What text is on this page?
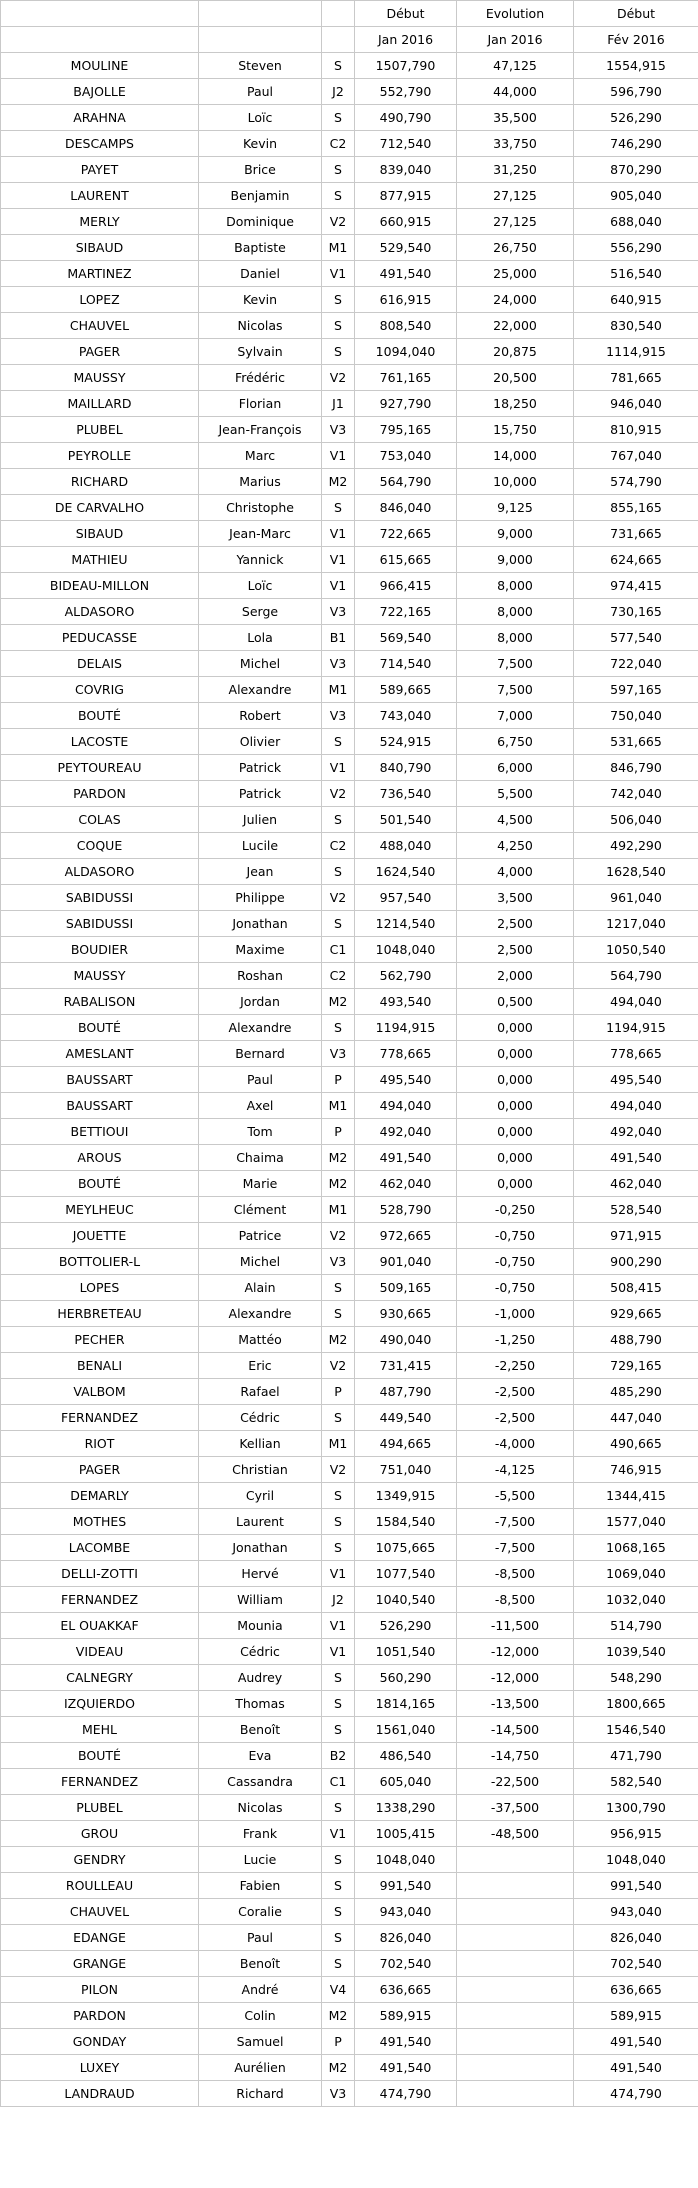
			Début	Evolution	Début
			Jan 2016	Jan 2016	Fév 2016
MOULINE	Steven	S	1507,790	47,125	1554,915
BAJOLLE	Paul	J2	552,790	44,000	596,790
ARAHNA	Loïc	S	490,790	35,500	526,290
DESCAMPS	Kevin	C2	712,540	33,750	746,290
PAYET	Brice	S	839,040	31,250	870,290
LAURENT	Benjamin	S	877,915	27,125	905,040
MERLY	Dominique	V2	660,915	27,125	688,040
SIBAUD	Baptiste	M1	529,540	26,750	556,290
MARTINEZ	Daniel	V1	491,540	25,000	516,540
LOPEZ	Kevin	S	616,915	24,000	640,915
CHAUVEL	Nicolas	S	808,540	22,000	830,540
PAGER	Sylvain	S	1094,040	20,875	1114,915
MAUSSY	Frédéric	V2	761,165	20,500	781,665
MAILLARD	Florian	J1	927,790	18,250	946,040
PLUBEL	Jean-François	V3	795,165	15,750	810,915
PEYROLLE	Marc	V1	753,040	14,000	767,040
RICHARD	Marius	M2	564,790	10,000	574,790
DE CARVALHO	Christophe	S	846,040	9,125	855,165
SIBAUD	Jean-Marc	V1	722,665	9,000	731,665
MATHIEU	Yannick	V1	615,665	9,000	624,665
BIDEAU-MILLON	Loïc	V1	966,415	8,000	974,415
ALDASORO	Serge	V3	722,165	8,000	730,165
PEDUCASSE	Lola	B1	569,540	8,000	577,540
DELAIS	Michel	V3	714,540	7,500	722,040
COVRIG	Alexandre	M1	589,665	7,500	597,165
BOUTÉ	Robert	V3	743,040	7,000	750,040
LACOSTE	Olivier	S	524,915	6,750	531,665
PEYTOUREAU	Patrick	V1	840,790	6,000	846,790
PARDON	Patrick	V2	736,540	5,500	742,040
COLAS	Julien	S	501,540	4,500	506,040
COQUE	Lucile	C2	488,040	4,250	492,290
ALDASORO	Jean	S	1624,540	4,000	1628,540
SABIDUSSI	Philippe	V2	957,540	3,500	961,040
SABIDUSSI	Jonathan	S	1214,540	2,500	1217,040
BOUDIER	Maxime	C1	1048,040	2,500	1050,540
MAUSSY	Roshan	C2	562,790	2,000	564,790
RABALISON	Jordan	M2	493,540	0,500	494,040
BOUTÉ	Alexandre	S	1194,915	0,000	1194,915
AMESLANT	Bernard	V3	778,665	0,000	778,665
BAUSSART	Paul	P	495,540	0,000	495,540
BAUSSART	Axel	M1	494,040	0,000	494,040
BETTIOUI	Tom	P	492,040	0,000	492,040
AROUS	Chaima	M2	491,540	0,000	491,540
BOUTÉ	Marie	M2	462,040	0,000	462,040
MEYLHEUC	Clément	M1	528,790	-0,250	528,540
JOUETTE	Patrice	V2	972,665	-0,750	971,915
BOTTOLIER-L	Michel	V3	901,040	-0,750	900,290
LOPES	Alain	S	509,165	-0,750	508,415
HERBRETEAU	Alexandre	S	930,665	-1,000	929,665
PECHER	Mattéo	M2	490,040	-1,250	488,790
BENALI	Eric	V2	731,415	-2,250	729,165
VALBOM	Rafael	P	487,790	-2,500	485,290
FERNANDEZ	Cédric	S	449,540	-2,500	447,040
RIOT	Kellian	M1	494,665	-4,000	490,665
PAGER	Christian	V2	751,040	-4,125	746,915
DEMARLY	Cyril	S	1349,915	-5,500	1344,415
MOTHES	Laurent	S	1584,540	-7,500	1577,040
LACOMBE	Jonathan	S	1075,665	-7,500	1068,165
DELLI-ZOTTI	Hervé	V1	1077,540	-8,500	1069,040
FERNANDEZ	William	J2	1040,540	-8,500	1032,040
EL OUAKKAF	Mounia	V1	526,290	-11,500	514,790
VIDEAU	Cédric	V1	1051,540	-12,000	1039,540
CALNEGRY	Audrey	S	560,290	-12,000	548,290
IZQUIERDO	Thomas	S	1814,165	-13,500	1800,665
MEHL	Benoît	S	1561,040	-14,500	1546,540
BOUTÉ	Eva	B2	486,540	-14,750	471,790
FERNANDEZ	Cassandra	C1	605,040	-22,500	582,540
PLUBEL	Nicolas	S	1338,290	-37,500	1300,790
GROU	Frank	V1	1005,415	-48,500	956,915
GENDRY	Lucie	S	1048,040		1048,040
ROULLEAU	Fabien	S	991,540		991,540
CHAUVEL	Coralie	S	943,040		943,040
EDANGE	Paul	S	826,040		826,040
GRANGE	Benoît	S	702,540		702,540
PILON	André	V4	636,665		636,665
PARDON	Colin	M2	589,915		589,915
GONDAY	Samuel	P	491,540		491,540
LUXEY	Aurélien	M2	491,540		491,540
LANDRAUD	Richard	V3	474,790		474,790
